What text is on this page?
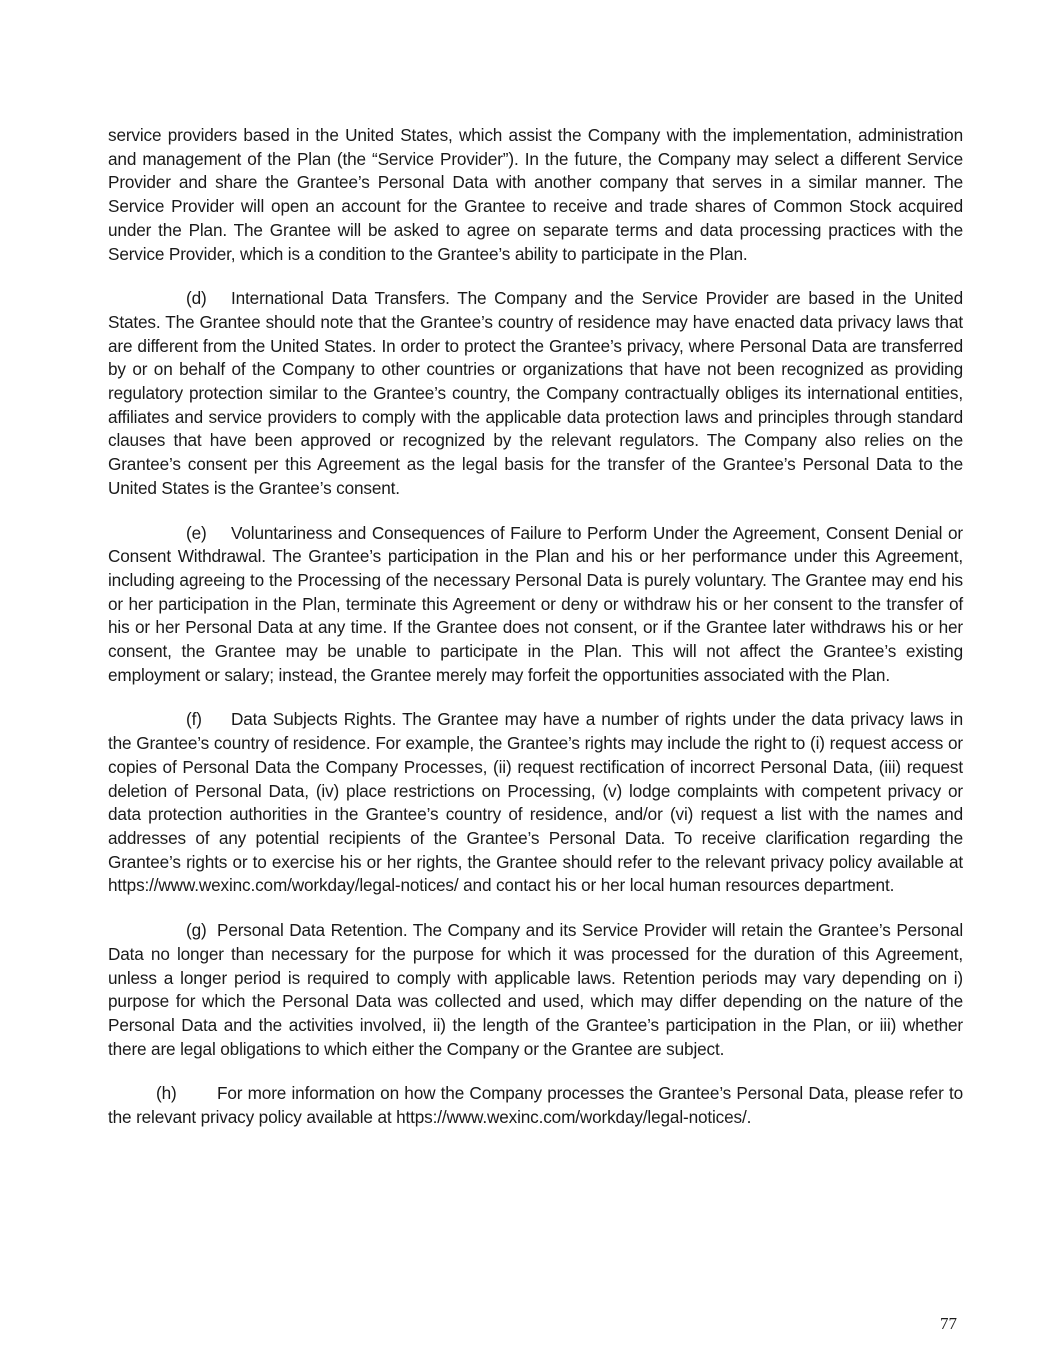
service providers based in the United States, which assist the Company with the implementation, administration and management of the Plan (the “Service Provider”). In the future, the Company may select a different Service Provider and share the Grantee’s Personal Data with another company that serves in a similar manner. The Service Provider will open an account for the Grantee to receive and trade shares of Common Stock acquired under the Plan. The Grantee will be asked to agree on separate terms and data processing practices with the Service Provider, which is a condition to the Grantee’s ability to participate in the Plan.

(d) International Data Transfers. The Company and the Service Provider are based in the United States. The Grantee should note that the Grantee’s country of residence may have enacted data privacy laws that are different from the United States. In order to protect the Grantee’s privacy, where Personal Data are transferred by or on behalf of the Company to other countries or organizations that have not been recognized as providing regulatory protection similar to the Grantee’s country, the Company contractually obliges its international entities, affiliates and service providers to comply with the applicable data protection laws and principles through standard clauses that have been approved or recognized by the relevant regulators. The Company also relies on the Grantee’s consent per this Agreement as the legal basis for the transfer of the Grantee’s Personal Data to the United States is the Grantee’s consent.

(e) Voluntariness and Consequences of Failure to Perform Under the Agreement, Consent Denial or Consent Withdrawal. The Grantee’s participation in the Plan and his or her performance under this Agreement, including agreeing to the Processing of the necessary Personal Data is purely voluntary. The Grantee may end his or her participation in the Plan, terminate this Agreement or deny or withdraw his or her consent to the transfer of his or her Personal Data at any time. If the Grantee does not consent, or if the Grantee later withdraws his or her consent, the Grantee may be unable to participate in the Plan. This will not affect the Grantee’s existing employment or salary; instead, the Grantee merely may forfeit the opportunities associated with the Plan.

(f) Data Subjects Rights. The Grantee may have a number of rights under the data privacy laws in the Grantee’s country of residence. For example, the Grantee’s rights may include the right to (i) request access or copies of Personal Data the Company Processes, (ii) request rectification of incorrect Personal Data, (iii) request deletion of Personal Data, (iv) place restrictions on Processing, (v) lodge complaints with competent privacy or data protection authorities in the Grantee’s country of residence, and/or (vi) request a list with the names and addresses of any potential recipients of the Grantee’s Personal Data. To receive clarification regarding the Grantee’s rights or to exercise his or her rights, the Grantee should refer to the relevant privacy policy available at https://www.wexinc.com/workday/legal-notices/ and contact his or her local human resources department.

(g) Personal Data Retention. The Company and its Service Provider will retain the Grantee’s Personal Data no longer than necessary for the purpose for which it was processed for the duration of this Agreement, unless a longer period is required to comply with applicable laws. Retention periods may vary depending on i) purpose for which the Personal Data was collected and used, which may differ depending on the nature of the Personal Data and the activities involved, ii) the length of the Grantee’s participation in the Plan, or iii) whether there are legal obligations to which either the Company or the Grantee are subject.

(h) For more information on how the Company processes the Grantee’s Personal Data, please refer to the relevant privacy policy available at https://www.wexinc.com/workday/legal-notices/.

77
